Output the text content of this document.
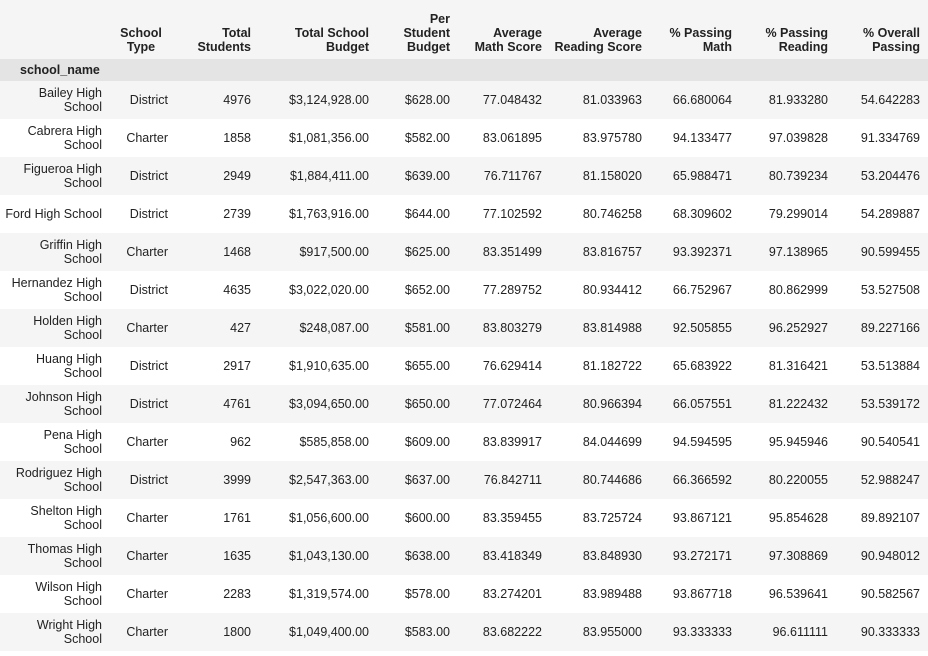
	School Type	Total Students	Total School Budget	Per Student Budget	Average Math Score	Average Reading Score	% Passing Math	% Passing Reading	% Overall Passing
school_name									
Bailey High School	District	4976	$3,124,928.00	$628.00	77.048432	81.033963	66.680064	81.933280	54.642283
Cabrera High School	Charter	1858	$1,081,356.00	$582.00	83.061895	83.975780	94.133477	97.039828	91.334769
Figueroa High School	District	2949	$1,884,411.00	$639.00	76.711767	81.158020	65.988471	80.739234	53.204476
Ford High School	District	2739	$1,763,916.00	$644.00	77.102592	80.746258	68.309602	79.299014	54.289887
Griffin High School	Charter	1468	$917,500.00	$625.00	83.351499	83.816757	93.392371	97.138965	90.599455
Hernandez High School	District	4635	$3,022,020.00	$652.00	77.289752	80.934412	66.752967	80.862999	53.527508
Holden High School	Charter	427	$248,087.00	$581.00	83.803279	83.814988	92.505855	96.252927	89.227166
Huang High School	District	2917	$1,910,635.00	$655.00	76.629414	81.182722	65.683922	81.316421	53.513884
Johnson High School	District	4761	$3,094,650.00	$650.00	77.072464	80.966394	66.057551	81.222432	53.539172
Pena High School	Charter	962	$585,858.00	$609.00	83.839917	84.044699	94.594595	95.945946	90.540541
Rodriguez High School	District	3999	$2,547,363.00	$637.00	76.842711	80.744686	66.366592	80.220055	52.988247
Shelton High School	Charter	1761	$1,056,600.00	$600.00	83.359455	83.725724	93.867121	95.854628	89.892107
Thomas High School	Charter	1635	$1,043,130.00	$638.00	83.418349	83.848930	93.272171	97.308869	90.948012
Wilson High School	Charter	2283	$1,319,574.00	$578.00	83.274201	83.989488	93.867718	96.539641	90.582567
Wright High School	Charter	1800	$1,049,400.00	$583.00	83.682222	83.955000	93.333333	96.611111	90.333333
